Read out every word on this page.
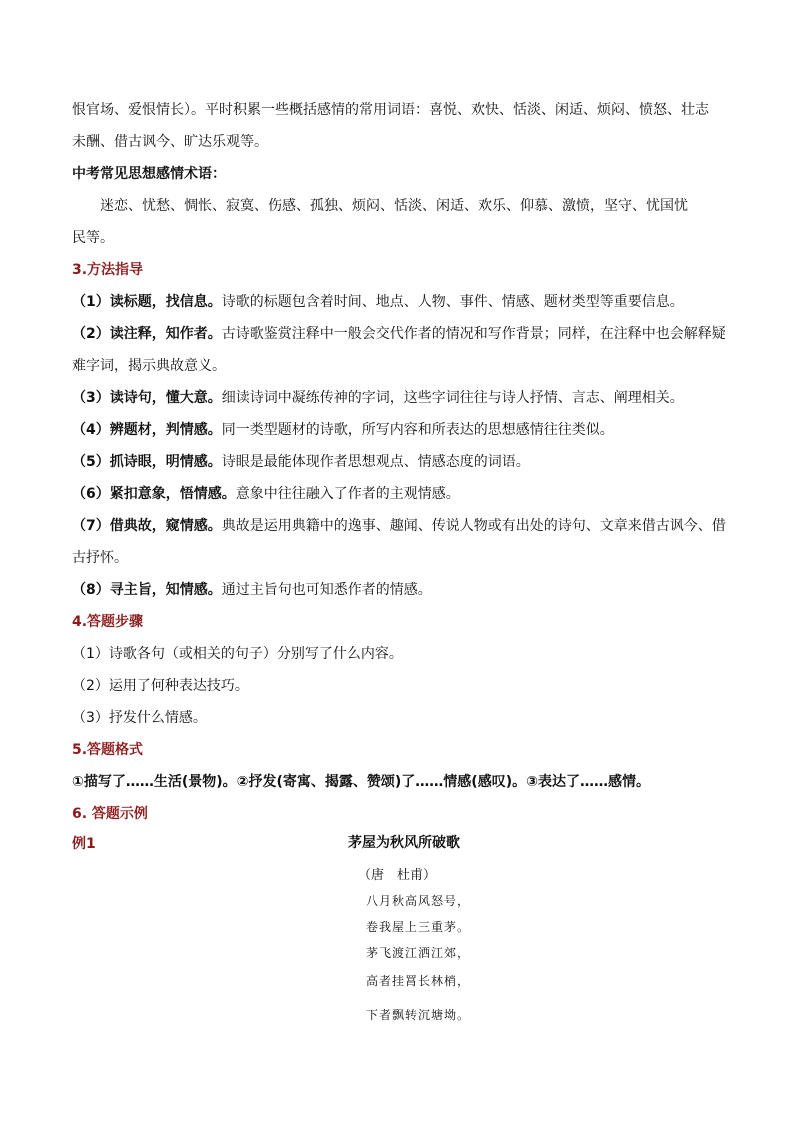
恨官场、爱恨情长）。平时积累一些概括感情的常用词语：喜悦、欢快、恬淡、闲适、烦闷、愤怒、壮志
未酬、借古讽今、旷达乐观等。
中考常见思想感情术语：
迷恋、忧愁、惆怅、寂寞、伤感、孤独、烦闷、恬淡、闲适、欢乐、仰慕、激愤，坚守、忧国忧
民等。
3.方法指导
（1）读标题，找信息。诗歌的标题包含着时间、地点、人物、事件、情感、题材类型等重要信息。
（2）读注释，知作者。古诗歌鉴赏注释中一般会交代作者的情况和写作背景；同样，在注释中也会解释疑
难字词，揭示典故意义。
（3）读诗句，懂大意。细读诗词中凝练传神的字词，这些字词往往与诗人抒情、言志、阐理相关。
（4）辨题材，判情感。同一类型题材的诗歌，所写内容和所表达的思想感情往往类似。
（5）抓诗眼，明情感。诗眼是最能体现作者思想观点、情感态度的词语。
（6）紧扣意象，悟情感。意象中往往融入了作者的主观情感。
（7）借典故，窥情感。典故是运用典籍中的逸事、趣闻、传说人物或有出处的诗句、文章来借古讽今、借
古抒怀。
（8）寻主旨，知情感。通过主旨句也可知悉作者的情感。
4.答题步骤
（1）诗歌各句（或相关的句子）分别写了什么内容。
（2）运用了何种表达技巧。
（3）抒发什么情感。
5.答题格式
①描写了……生活(景物)。②抒发(寄寓、揭露、赞颂)了……情感(感叹)。③表达了……感情。
6. 答题示例
例1	茅屋为秋风所破歌
（唐　杜甫）
八月秋高风怒号，
卷我屋上三重茅。
茅飞渡江洒江郊，
高者挂罥长林梢，
下者飘转沉塘坳。
